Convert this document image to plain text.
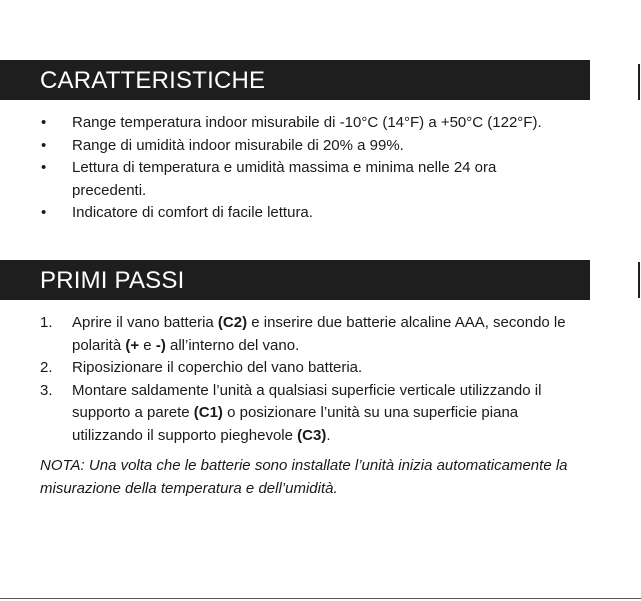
CARATTERISTICHE
• Range temperatura indoor misurabile di -10°C (14°F) a +50°C (122°F).
• Range di umidità indoor misurabile di 20% a 99%.
• Lettura di temperatura e umidità massima e minima nelle 24 ora precedenti.
• Indicatore di comfort di facile lettura.
PRIMI PASSI
1. Aprire il vano batteria (C2) e inserire due batterie alcaline AAA, secondo le polarità (+ e -) all’interno del vano.
2. Riposizionare il coperchio del vano batteria.
3. Montare saldamente l’unità a qualsiasi superficie verticale utilizzando il supporto a parete (C1) o posizionare l’unità su una superficie piana utilizzando il supporto pieghevole (C3).

NOTA: Una volta che le batterie sono installate l’unità inizia automaticamente la misurazione della temperatura e dell’umidità.
